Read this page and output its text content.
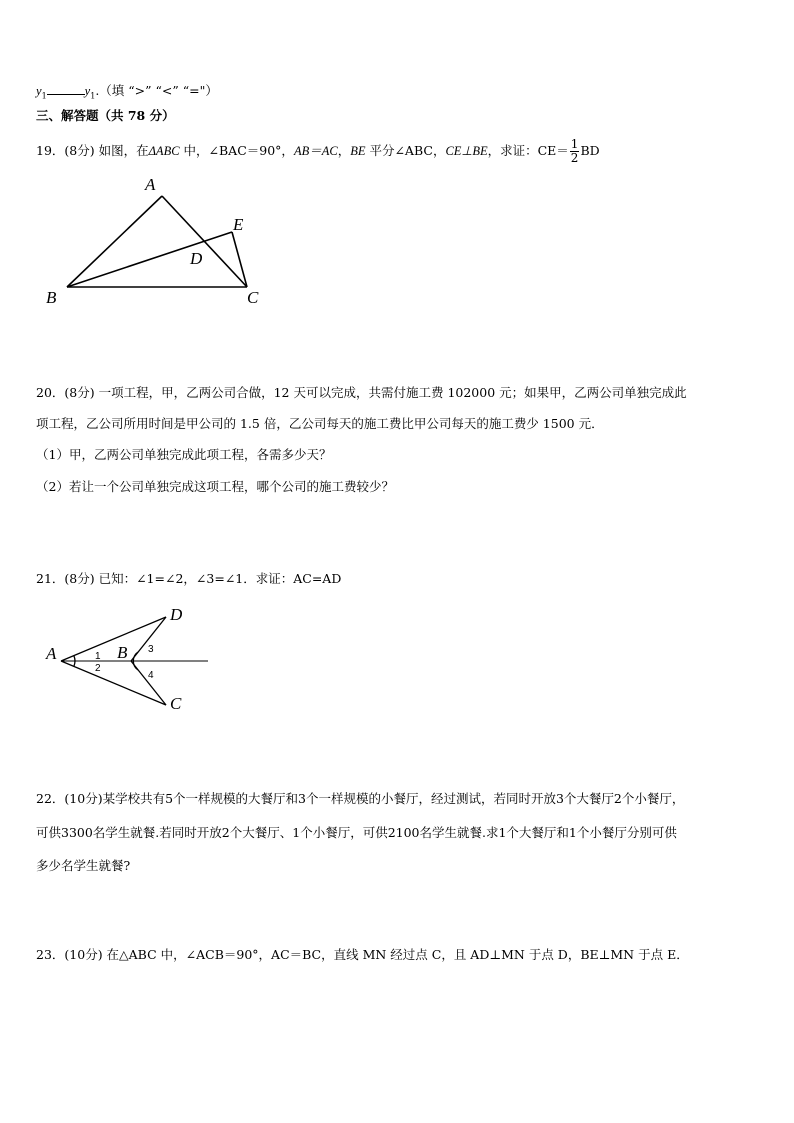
$y_1$	$y_1$.（填 “>” “<” “="）
三、解答题（共 78 分）
19．(8分) 如图，在ΔABC 中，∠BAC＝90°，AB＝AC，BE 平分∠ABC，CE⊥BE，求证：$CE= \frac{1}{2}$ BD
A
B	C
D
E
20．(8分) 一项工程，甲，乙两公司合做，12 天可以完成，共需付施工费 102000 元；如果甲，乙两公司单独完成此
项工程，乙公司所用时间是甲公司的 1.5 倍，乙公司每天的施工费比甲公司每天的施工费少 1500 元．
（1）甲，乙两公司单独完成此项工程，各需多少天？
（2）若让一个公司单独完成这项工程，哪个公司的施工费较少？
21．(8分) 已知：∠1=∠2，∠3=∠1．求证：AC=AD
A	B
D
C
1
2
3
4
22．(10分)某学校共有5个一样规模的大餐厅和3个一样规模的小餐厅，经过测试，若同时开放3个大餐厅2个小餐厅，
可供3300名学生就餐.若同时开放2个大餐厅、1个小餐厅，可供2100名学生就餐.求1个大餐厅和1个小餐厅分别可供
多少名学生就餐?
23．(10分) 在△ABC 中，∠ACB＝90°，AC＝BC，直线 MN 经过点 C，且 AD⊥MN 于点 D，BE⊥MN 于点 E．
